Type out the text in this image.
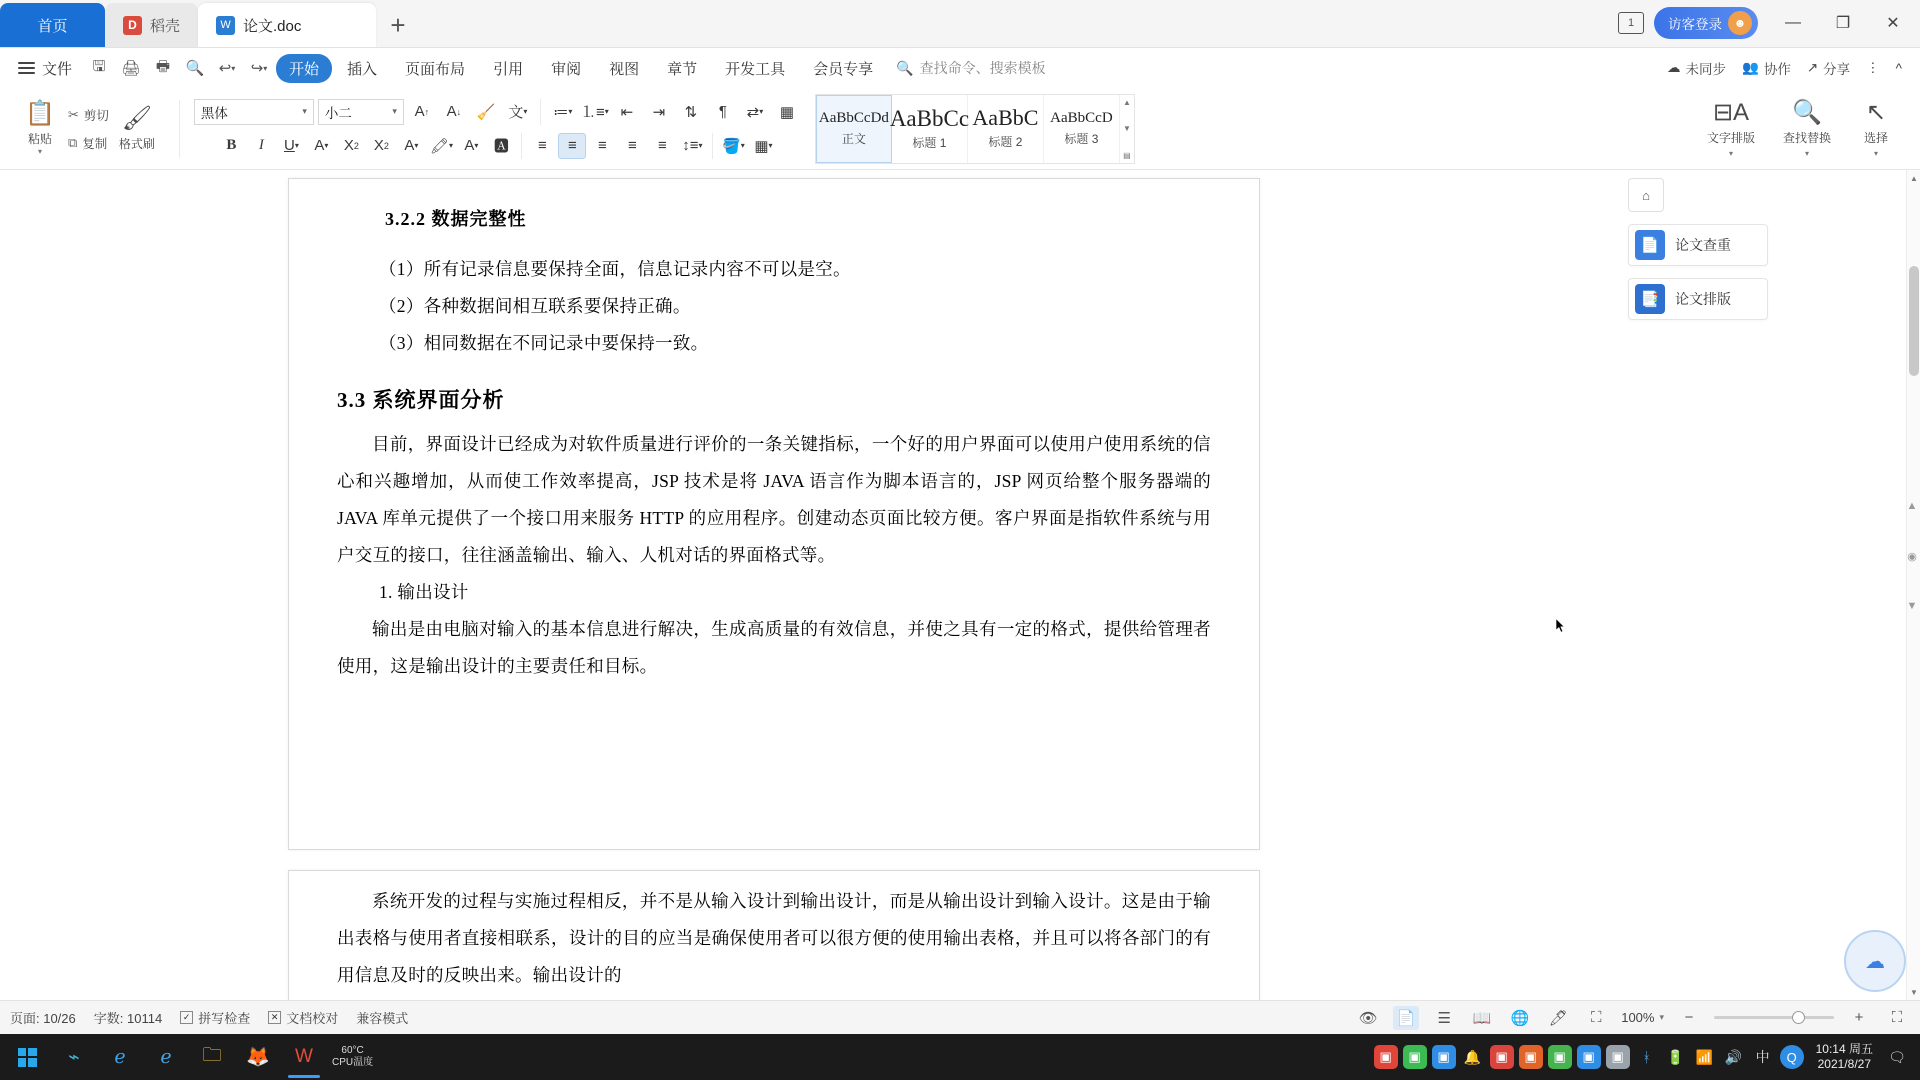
首页	D 稻壳	W 论文.doc	+	1	访客登录 ☻	— ❐ ✕
文件	🖫	🖨	🖶	🔍 ↩ ▾	↪ ▾	开始	插入	页面布局	引用	审阅	视图	章节	开发工具	会员专享	🔍 查找命令、搜索模板	☁ 未同步 👥 协作 ↗ 分享 ⋮ ^
📋
粘贴
▾
✂ 剪切
⧉ 复制
🖌
格式刷
黑体	▾ 小二	▾	A ↑	A ↓	🧹 文 ▾ ≔ ▾ ⒈≡ ▾ ⇤	⇥	⇅	¶	⇄ ▾	▦
B I U ▾	A ▾	X 2 X 2	A ▾ 🖍 ▾ A ▾	🅰	≡	≡	≡	≡	≡	↕≡ ▾ 🪣 ▾ ▦ ▾
AaBbCcDd
正文
AaBbCc
标题 1
AaBbC
标题 2
AaBbCcD
标题 3
▲
▼
▤
⊟A
文字排版
▾
🔍
查找替换
▾
↖
选择
▾
3.2.2 数据完整性
（1）所有记录信息要保持全面，信息记录内容不可以是空。
（2）各种数据间相互联系要保持正确。
（3）相同数据在不同记录中要保持一致。
3.3 系统界面分析
目前，界面设计已经成为对软件质量进行评价的一条关键指标，一个好的用户界面可以使用户使用系统的信心和兴趣增加，从而使工作效率提高，JSP 技术是将 JAVA 语言作为脚本语言的，JSP 网页给整个服务器端的 JAVA 库单元提供了一个接口用来服务 HTTP 的应用程序。创建动态页面比较方便。客户界面是指软件系统与用户交互的接口，往往涵盖输出、输入、人机对话的界面格式等。
1. 输出设计
输出是由电脑对输入的基本信息进行解决，生成高质量的有效信息，并使之具有一定的格式，提供给管理者使用，这是输出设计的主要责任和目标。
系统开发的过程与实施过程相反，并不是从输入设计到输出设计，而是从输出设计到输入设计。这是由于输出表格与使用者直接相联系，设计的目的应当是确保使用者可以很方便的使用输出表格，并且可以将各部门的有用信息及时的反映出来。输出设计的
⌂
📄	论文查重
📑	论文排版
▲
▲
◉
▼
▼
☁
页面: 10/26 字数: 10114	✓ 拼写检查	✕ 文档校对 兼容模式	👁 📄	☰	📖 🌐 🖊	⛶	100% ▾ −	+	⛶
⌁ ℯ ℯ 🗀 🦊 W	60°C
CPU温度	▣	▣	▣	🔔	▣	▣	▣	▣	▣	ᚼ	🔋 📶 🔊 中	Q
10:14 周五
2021/8/27 🗨
